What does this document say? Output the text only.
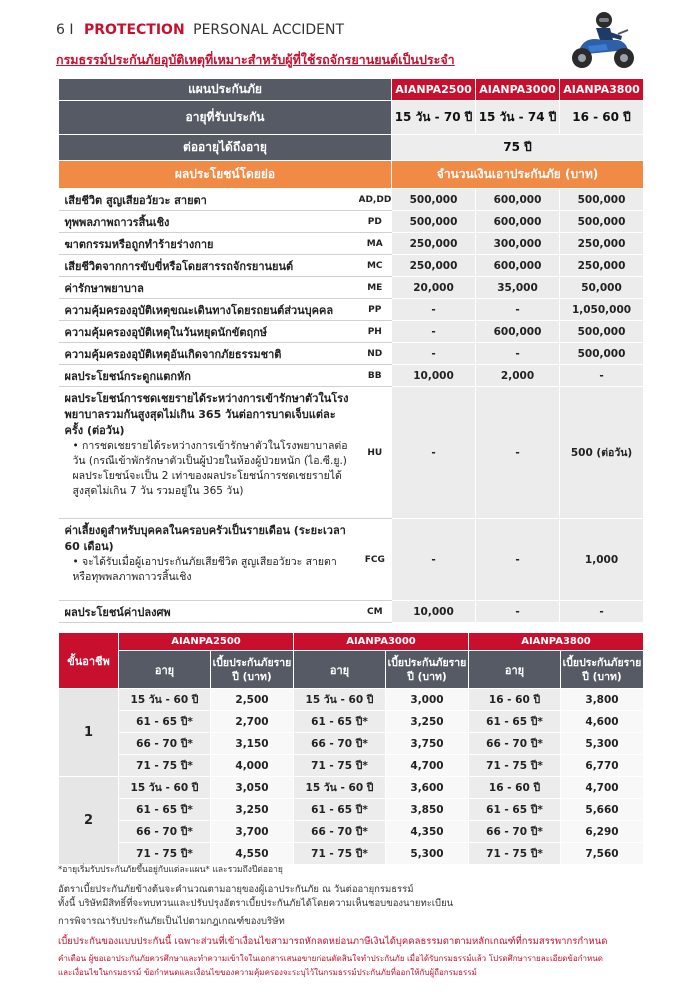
6 I PROTECTION PERSONAL ACCIDENT
กรมธรรม์ประกันภัยอุบัติเหตุที่เหมาะสำหรับผู้ที่ใช้รถจักรยานยนต์เป็นประจำ
แผนประกันภัย		AIANPA2500	AIANPA3000	AIANPA3800
อายุที่รับประกัน		15 วัน - 70 ปี	15 วัน - 74 ปี	16 - 60 ปี
ต่ออายุได้ถึงอายุ		75 ปี		
ผลประโยชน์โดยย่อ		จำนวนเงินเอาประกันภัย (บาท)		
เสียชีวิต สูญเสียอวัยวะ สายตา	AD,DD	500,000	600,000	500,000
ทุพพลภาพถาวรสิ้นเชิง	PD	500,000	600,000	500,000
ฆาตกรรมหรือถูกทำร้ายร่างกาย	MA	250,000	300,000	250,000
เสียชีวิตจากการขับขี่หรือโดยสารรถจักรยานยนต์	MC	250,000	600,000	250,000
ค่ารักษาพยาบาล	ME	20,000	35,000	50,000
ความคุ้มครองอุบัติเหตุขณะเดินทางโดยรถยนต์ส่วนบุคคล	PP	-	-	1,050,000
ความคุ้มครองอุบัติเหตุในวันหยุดนักขัตฤกษ์	PH	-	600,000	500,000
ความคุ้มครองอุบัติเหตุอันเกิดจากภัยธรรมชาติ	ND	-	-	500,000
ผลประโยชน์กระดูกแตกหัก	BB	10,000	2,000	-
ผลประโยชน์การชดเชยรายได้ระหว่างการเข้ารักษาตัวในโรงพยาบาลรวมกันสูงสุดไม่เกิน 365 วันต่อการบาดเจ็บแต่ละครั้ง (ต่อวัน)
• การชดเชยรายได้ระหว่างการเข้ารักษาตัวในโรงพยาบาลต่อวัน (กรณีเข้าพักรักษาตัวเป็นผู้ป่วยในห้องผู้ป่วยหนัก (ไอ.ซี.ยู.) ผลประโยชน์จะเป็น 2 เท่าของผลประโยชน์การชดเชยรายได้สูงสุดไม่เกิน 7 วัน รวมอยู่ใน 365 วัน)	HU	-	-	500 (ต่อวัน)
ค่าเลี้ยงดูสำหรับบุคคลในครอบครัวเป็นรายเดือน (ระยะเวลา 60 เดือน)
• จะได้รับเมื่อผู้เอาประกันภัยเสียชีวิต สูญเสียอวัยวะ สายตา หรือทุพพลภาพถาวรสิ้นเชิง	FCG	-	-	1,000
ผลประโยชน์ค่าปลงศพ	CM	10,000	-	-
ขั้นอาชีพ	AIANPA2500		AIANPA3000		AIANPA3800	
	อายุ	เบี้ยประกันภัยรายปี (บาท)	อายุ	เบี้ยประกันภัยรายปี (บาท)	อายุ	เบี้ยประกันภัยรายปี (บาท)
1	15 วัน - 60 ปี	2,500	15 วัน - 60 ปี	3,000	16 - 60 ปี	3,800
	61 - 65 ปี*	2,700	61 - 65 ปี*	3,250	61 - 65 ปี*	4,600
	66 - 70 ปี*	3,150	66 - 70 ปี*	3,750	66 - 70 ปี*	5,300
	71 - 75 ปี*	4,000	71 - 75 ปี*	4,700	71 - 75 ปี*	6,770
2	15 วัน - 60 ปี	3,050	15 วัน - 60 ปี	3,600	16 - 60 ปี	4,700
	61 - 65 ปี*	3,250	61 - 65 ปี*	3,850	61 - 65 ปี*	5,660
	66 - 70 ปี*	3,700	66 - 70 ปี*	4,350	66 - 70 ปี*	6,290
	71 - 75 ปี*	4,550	71 - 75 ปี*	5,300	71 - 75 ปี*	7,560
*อายุเริ่มรับประกันภัยขึ้นอยู่กับแต่ละแผน* และรวมถึงปีต่ออายุ
อัตราเบี้ยประกันภัยข้างต้นจะคำนวณตามอายุของผู้เอาประกันภัย ณ วันต่ออายุกรมธรรม์
ทั้งนี้ บริษัทมีสิทธิ์ที่จะทบทวนและปรับปรุงอัตราเบี้ยประกันภัยได้โดยความเห็นชอบของนายทะเบียน
การพิจารณารับประกันภัยเป็นไปตามกฎเกณฑ์ของบริษัท
เบี้ยประกันของแบบประกันนี้ เฉพาะส่วนที่เข้าเงื่อนไขสามารถหักลดหย่อนภาษีเงินได้บุคคลธรรมดาตามหลักเกณฑ์ที่กรมสรรพากรกำหนด
คำเตือน ผู้ขอเอาประกันภัยควรศึกษาและทำความเข้าใจในเอกสารเสนอขายก่อนตัดสินใจทำประกันภัย เมื่อได้รับกรมธรรม์แล้ว โปรดศึกษารายละเอียดข้อกำหนด
และเงื่อนไขในกรมธรรม์ ข้อกำหนดและเงื่อนไขของความคุ้มครองจะระบุไว้ในกรมธรรม์ประกันภัยที่ออกให้กับผู้ถือกรมธรรม์
